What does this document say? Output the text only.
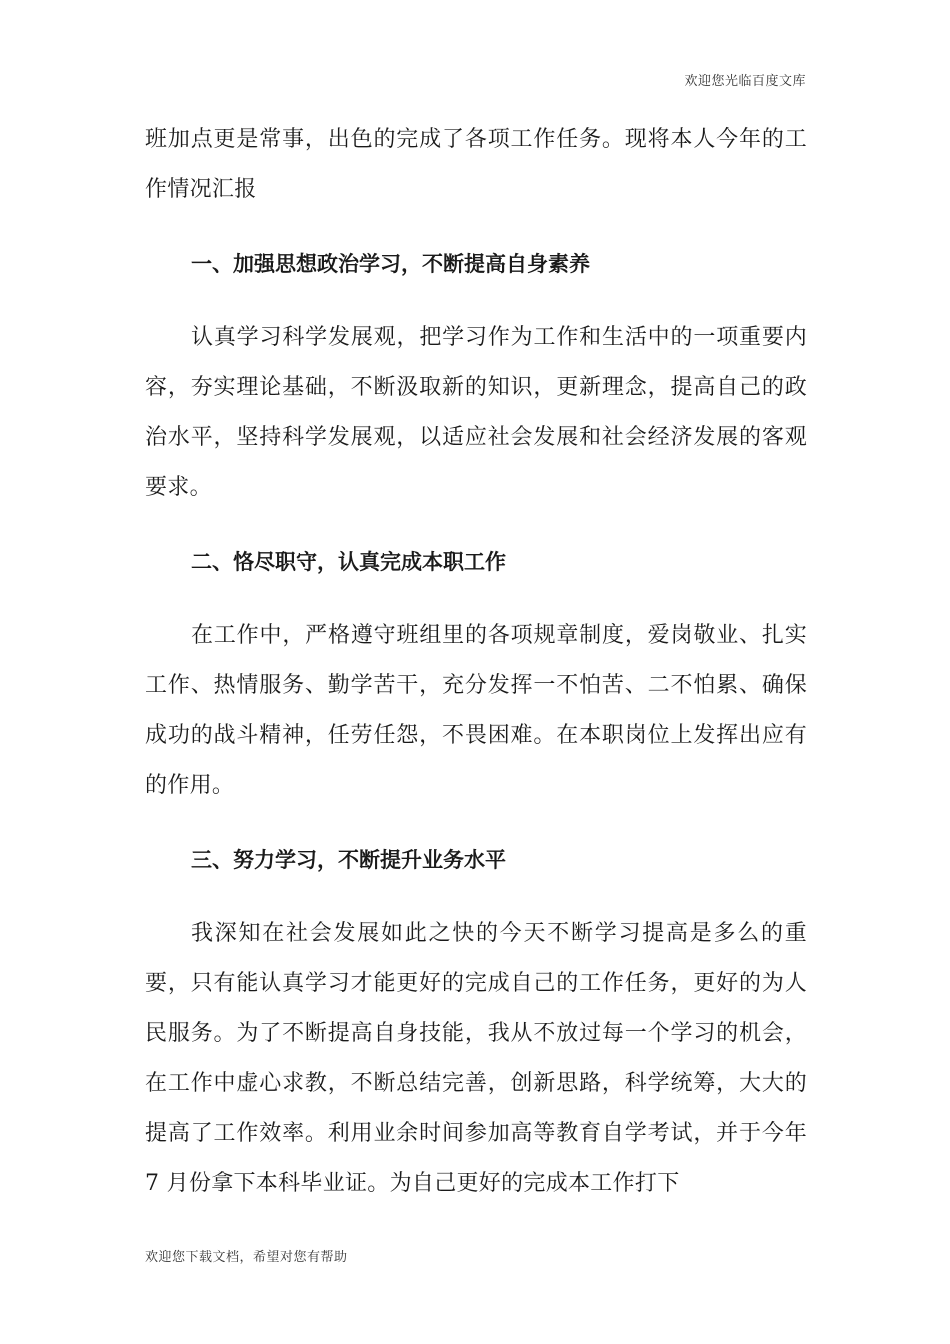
欢迎您光临百度文库

班加点更是常事，出色的完成了各项工作任务。现将本人今年的工作情况汇报

一、加强思想政治学习，不断提高自身素养

认真学习科学发展观，把学习作为工作和生活中的一项重要内容，夯实理论基础，不断汲取新的知识，更新理念，提高自己的政治水平，坚持科学发展观，以适应社会发展和社会经济发展的客观要求。

二、恪尽职守，认真完成本职工作

在工作中，严格遵守班组里的各项规章制度，爱岗敬业、扎实工作、热情服务、勤学苦干，充分发挥一不怕苦、二不怕累、确保成功的战斗精神，任劳任怨，不畏困难。在本职岗位上发挥出应有的作用。

三、努力学习，不断提升业务水平

我深知在社会发展如此之快的今天不断学习提高是多么的重要，只有能认真学习才能更好的完成自己的工作任务，更好的为人民服务。为了不断提高自身技能，我从不放过每一个学习的机会，在工作中虚心求教，不断总结完善，创新思路，科学统筹，大大的提高了工作效率。利用业余时间参加高等教育自学考试，并于今年 7 月份拿下本科毕业证。为自己更好的完成本工作打下

欢迎您下载文档，希望对您有帮助
